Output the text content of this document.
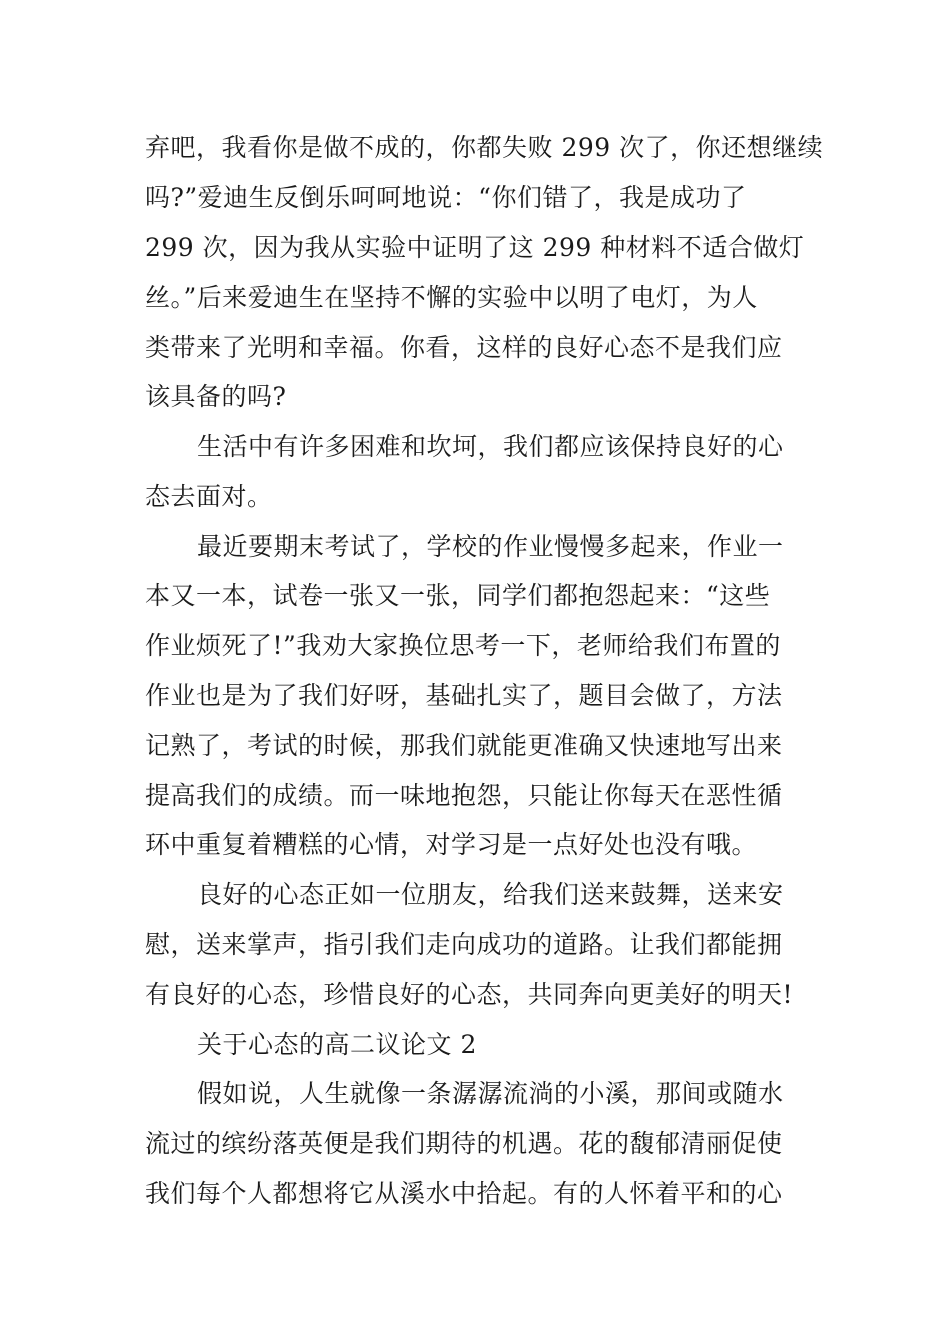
弃吧，我看你是做不成的，你都失败 299 次了，你还想继续
吗?”爱迪生反倒乐呵呵地说：“你们错了，我是成功了
299 次，因为我从实验中证明了这 299 种材料不适合做灯
丝。”后来爱迪生在坚持不懈的实验中以明了电灯，为人
类带来了光明和幸福。你看，这样的良好心态不是我们应
该具备的吗?
生活中有许多困难和坎坷，我们都应该保持良好的心
态去面对。
最近要期末考试了，学校的作业慢慢多起来，作业一
本又一本，试卷一张又一张，同学们都抱怨起来：“这些
作业烦死了!”我劝大家换位思考一下，老师给我们布置的
作业也是为了我们好呀，基础扎实了，题目会做了，方法
记熟了，考试的时候，那我们就能更准确又快速地写出来
提高我们的成绩。而一味地抱怨，只能让你每天在恶性循
环中重复着糟糕的心情，对学习是一点好处也没有哦。
良好的心态正如一位朋友，给我们送来鼓舞，送来安
慰，送来掌声，指引我们走向成功的道路。让我们都能拥
有良好的心态，珍惜良好的心态，共同奔向更美好的明天!
关于心态的高二议论文 2
假如说，人生就像一条潺潺流淌的小溪，那间或随水
流过的缤纷落英便是我们期待的机遇。花的馥郁清丽促使
我们每个人都想将它从溪水中拾起。有的人怀着平和的心
